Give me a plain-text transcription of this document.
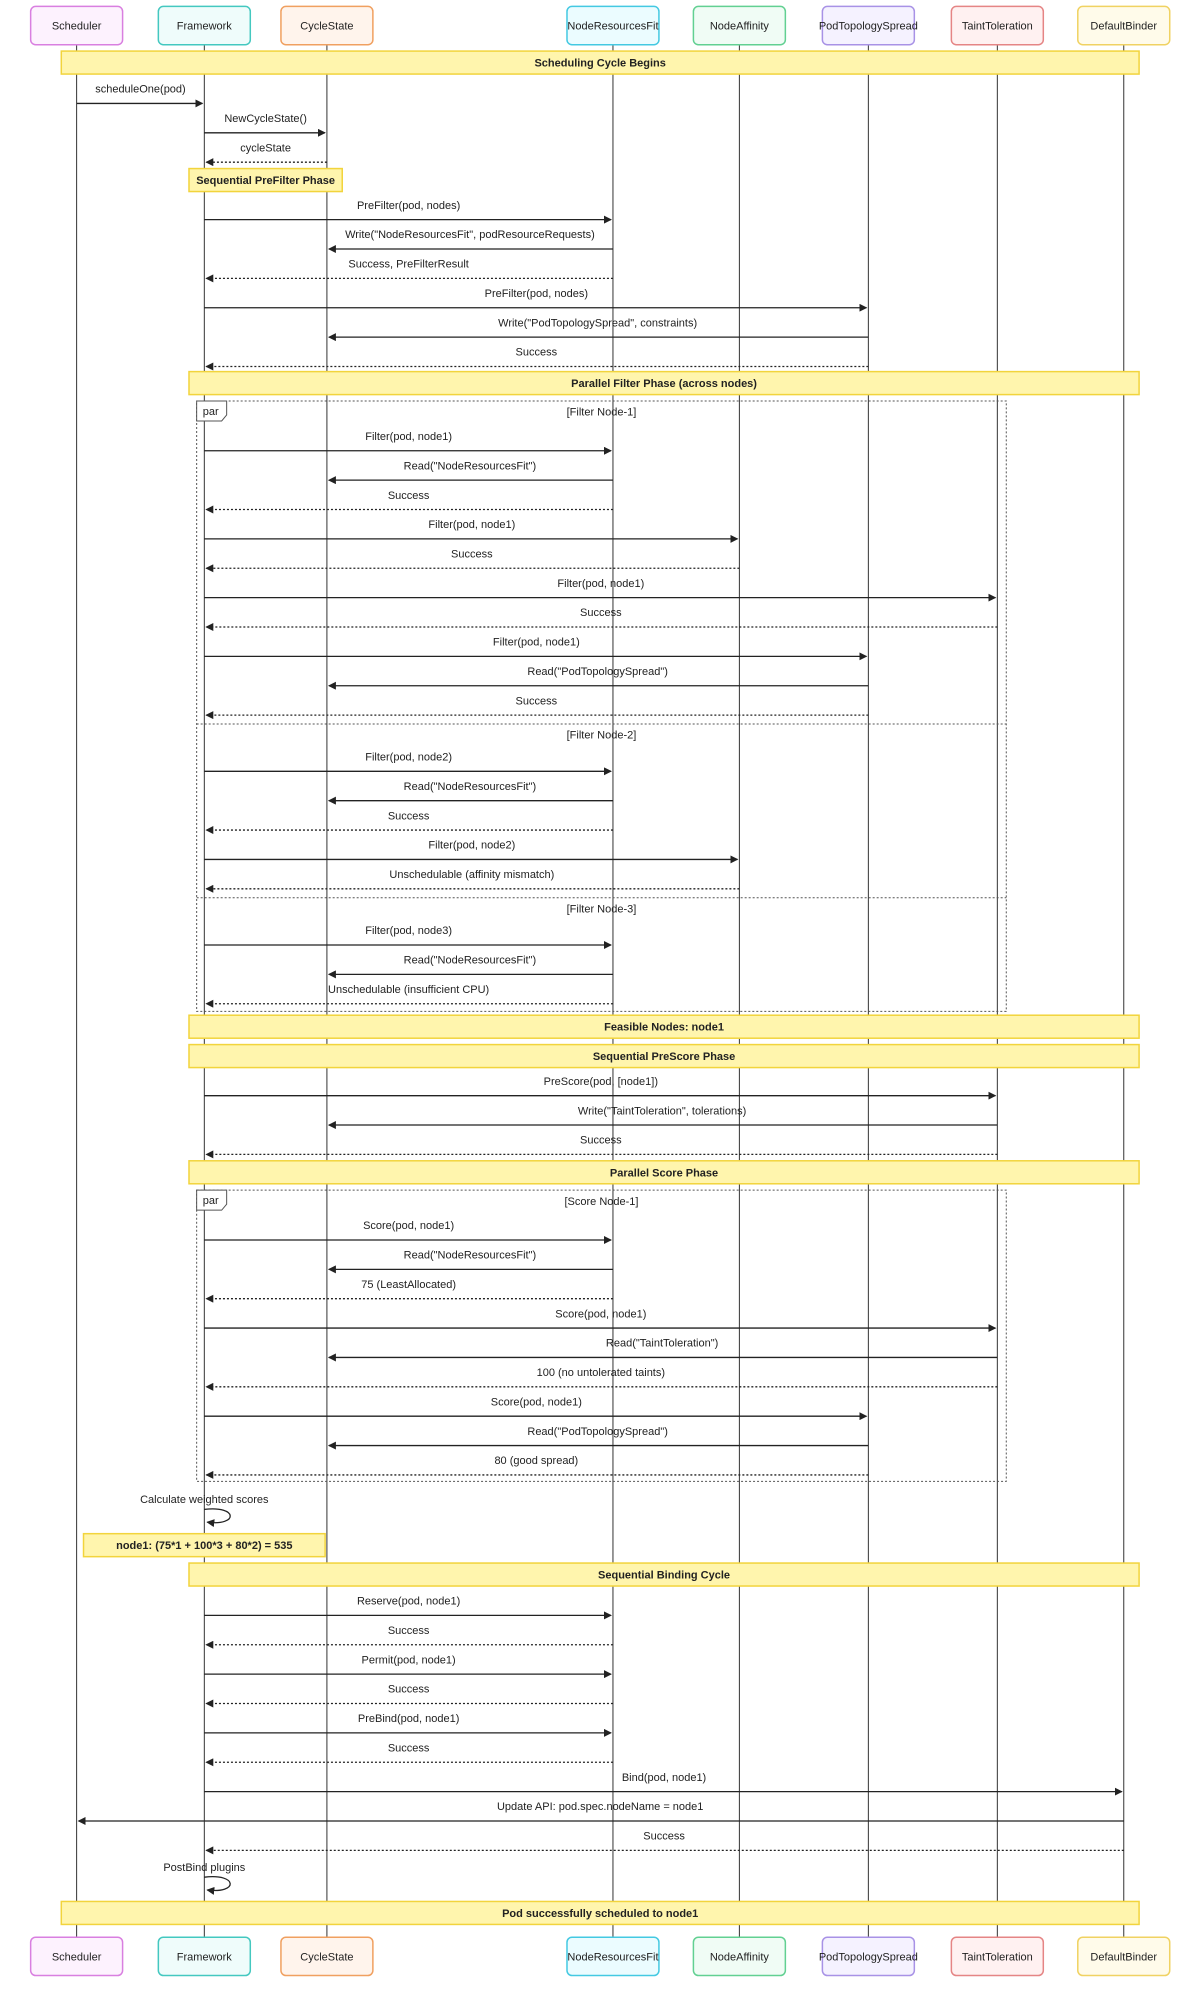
Scheduler	Framework	CycleState	NodeResourcesFit	NodeAffinity	PodTopologySpread	TaintToleration	DefaultBinder
Scheduler	Framework	CycleState	NodeResourcesFit	NodeAffinity	PodTopologySpread	TaintToleration	DefaultBinder
par	[Filter Node-1]
[Filter Node-2]
[Filter Node-3]
par	[Score Node-1]
Scheduling Cycle Begins
scheduleOne(pod)
NewCycleState()
cycleState
Sequential PreFilter Phase
PreFilter(pod, nodes)
Write("NodeResourcesFit", podResourceRequests)
Success, PreFilterResult
PreFilter(pod, nodes)
Write("PodTopologySpread", constraints)
Success
Parallel Filter Phase (across nodes)
Filter(pod, node1)
Read("NodeResourcesFit")
Success
Filter(pod, node1)
Success
Filter(pod, node1)
Success
Filter(pod, node1)
Read("PodTopologySpread")
Success
Filter(pod, node2)
Read("NodeResourcesFit")
Success
Filter(pod, node2)
Unschedulable (affinity mismatch)
Filter(pod, node3)
Read("NodeResourcesFit")
Unschedulable (insufficient CPU)
Feasible Nodes: node1
Sequential PreScore Phase
PreScore(pod, [node1])
Write("TaintToleration", tolerations)
Success
Parallel Score Phase
Score(pod, node1)
Read("NodeResourcesFit")
75 (LeastAllocated)
Score(pod, node1)
Read("TaintToleration")
100 (no untolerated taints)
Score(pod, node1)
Read("PodTopologySpread")
80 (good spread)
Calculate weighted scores
node1: (75*1 + 100*3 + 80*2) = 535
Sequential Binding Cycle
Reserve(pod, node1)
Success
Permit(pod, node1)
Success
PreBind(pod, node1)
Success
Bind(pod, node1)
Update API: pod.spec.nodeName = node1
Success
PostBind plugins
Pod successfully scheduled to node1
